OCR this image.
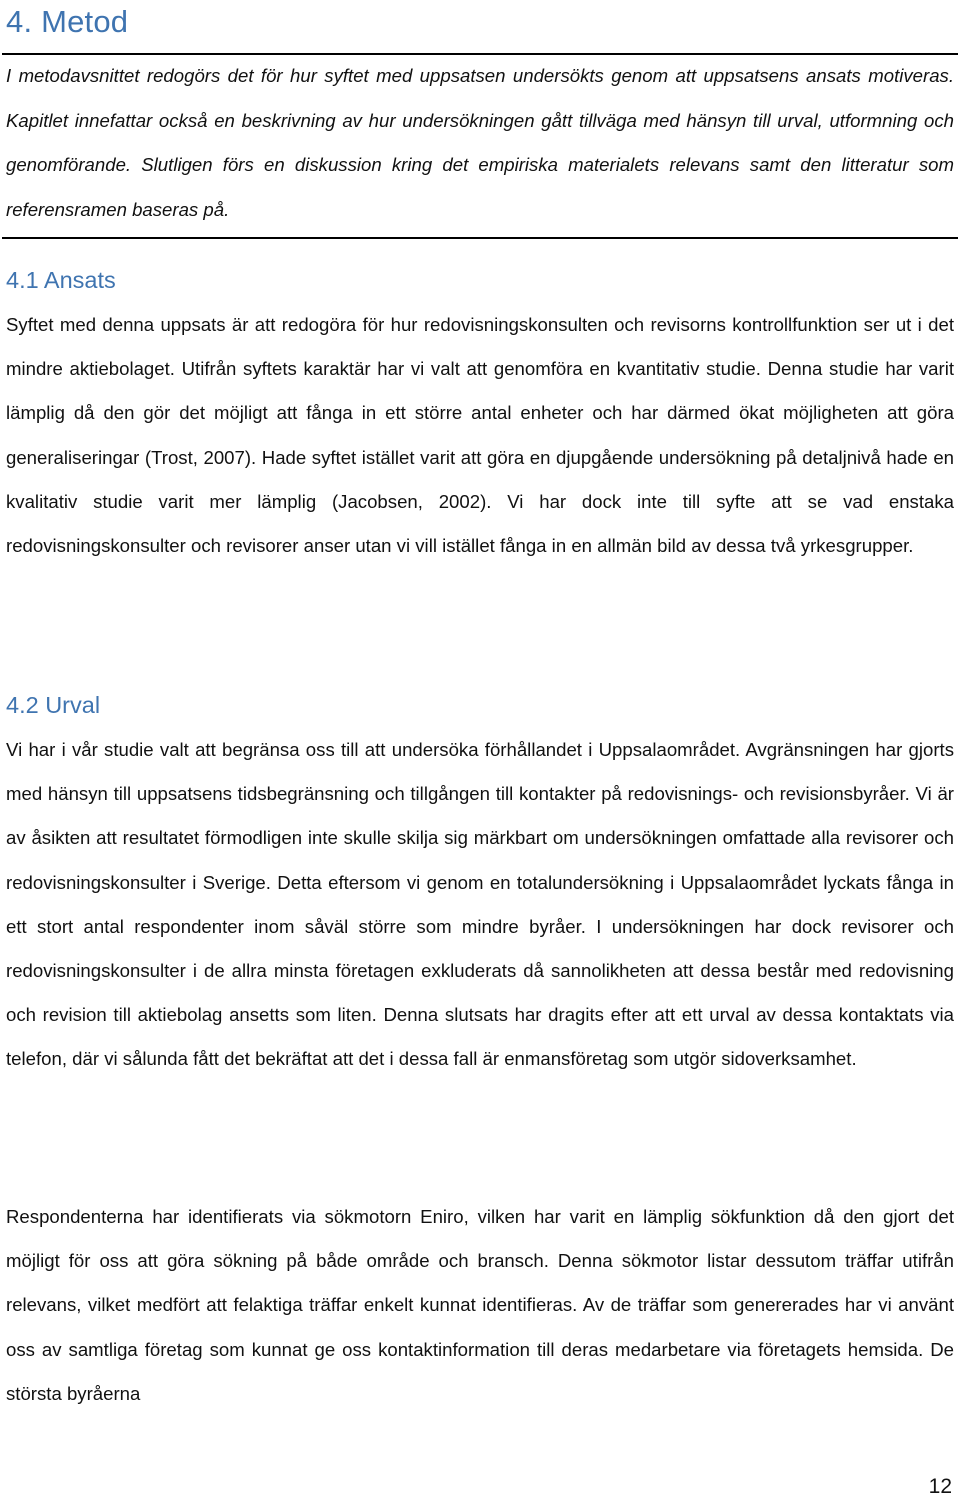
4. Metod

I metodavsnittet redogörs det för hur syftet med uppsatsen undersökts genom att uppsatsens ansats motiveras. Kapitlet innefattar också en beskrivning av hur undersökningen gått tillväga med hänsyn till urval, utformning och genomförande. Slutligen förs en diskussion kring det empiriska materialets relevans samt den litteratur som referensramen baseras på.

4.1 Ansats

Syftet med denna uppsats är att redogöra för hur redovisningskonsulten och revisorns kontrollfunktion ser ut i det mindre aktiebolaget. Utifrån syftets karaktär har vi valt att genomföra en kvantitativ studie. Denna studie har varit lämplig då den gör det möjligt att fånga in ett större antal enheter och har därmed ökat möjligheten att göra generaliseringar (Trost, 2007). Hade syftet istället varit att göra en djupgående undersökning på detaljnivå hade en kvalitativ studie varit mer lämplig (Jacobsen, 2002). Vi har dock inte till syfte att se vad enstaka redovisningskonsulter och revisorer anser utan vi vill istället fånga in en allmän bild av dessa två yrkesgrupper.

4.2 Urval

Vi har i vår studie valt att begränsa oss till att undersöka förhållandet i Uppsalaområdet. Avgränsningen har gjorts med hänsyn till uppsatsens tidsbegränsning och tillgången till kontakter på redovisnings- och revisionsbyråer. Vi är av åsikten att resultatet förmodligen inte skulle skilja sig märkbart om undersökningen omfattade alla revisorer och redovisningskonsulter i Sverige. Detta eftersom vi genom en totalundersökning i Uppsalaområdet lyckats fånga in ett stort antal respondenter inom såväl större som mindre byråer. I undersökningen har dock revisorer och redovisningskonsulter i de allra minsta företagen exkluderats då sannolikheten att dessa består med redovisning och revision till aktiebolag ansetts som liten. Denna slutsats har dragits efter att ett urval av dessa kontaktats via telefon, där vi sålunda fått det bekräftat att det i dessa fall är enmansföretag som utgör sidoverksamhet.

Respondenterna har identifierats via sökmotorn Eniro, vilken har varit en lämplig sökfunktion då den gjort det möjligt för oss att göra sökning på både område och bransch. Denna sökmotor listar dessutom träffar utifrån relevans, vilket medfört att felaktiga träffar enkelt kunnat identifieras. Av de träffar som genererades har vi använt oss av samtliga företag som kunnat ge oss kontaktinformation till deras medarbetare via företagets hemsida. De största byråerna

12
